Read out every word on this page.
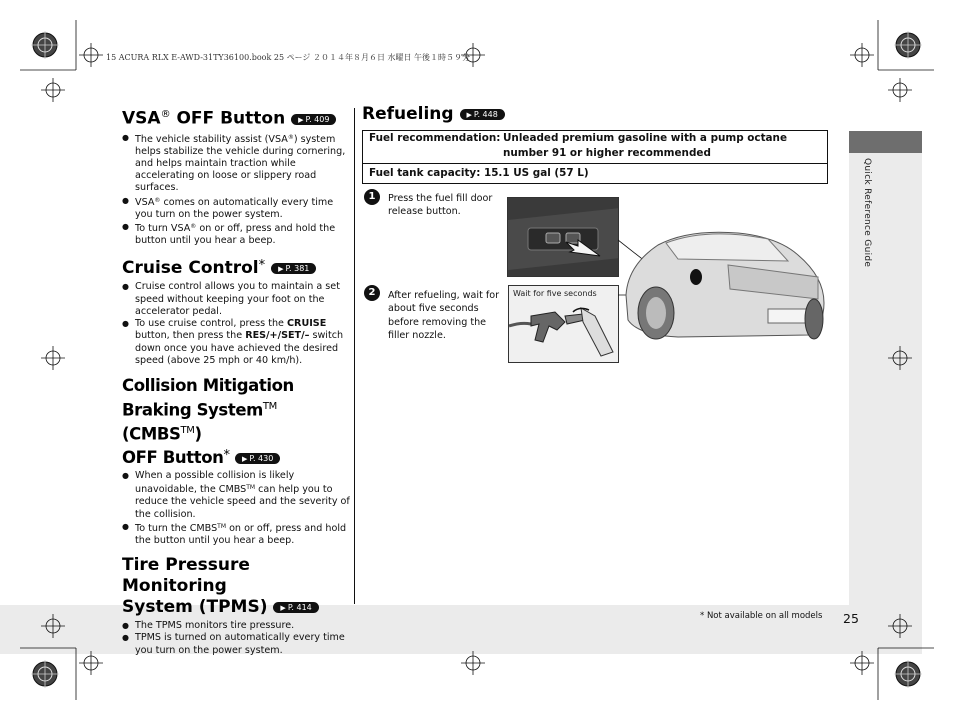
Quick Reference Guide
15 ACURA RLX E-AWD-31TY36100.book 25 ページ ２０１４年８月６日 水曜日 午後１時５９分
VSA® OFF Button ▶ P. 409
● The vehicle stability assist (VSA®) system helps stabilize the vehicle during cornering, and helps maintain traction while accelerating on loose or slippery road surfaces.
● VSA® comes on automatically every time you turn on the power system.
● To turn VSA® on or off, press and hold the button until you hear a beep.
Cruise Control* ▶ P. 381
● Cruise control allows you to maintain a set speed without keeping your foot on the accelerator pedal.
● To use cruise control, press the CRUISE button, then press the RES/+/SET/– switch down once you have achieved the desired speed (above 25 mph or 40 km/h).
Collision Mitigation
Braking System™ (CMBS™)
OFF Button* ▶ P. 430
● When a possible collision is likely unavoidable, the CMBS™ can help you to reduce the vehicle speed and the severity of the collision.
● To turn the CMBS™ on or off, press and hold the button until you hear a beep.
Tire Pressure Monitoring
System (TPMS) ▶ P. 414
● The TPMS monitors tire pressure.
● TPMS is turned on automatically every time you turn on the power system.
Refueling ▶ P. 448
Fuel recommendation: Unleaded premium gasoline with a pump octane number 91 or higher recommended
Fuel tank capacity: 15.1 US gal (57 L)
1	Press the fuel fill door release button.
2	After refueling, wait for about five seconds before removing the filler nozzle.
Wait for five seconds
* Not available on all models 25
